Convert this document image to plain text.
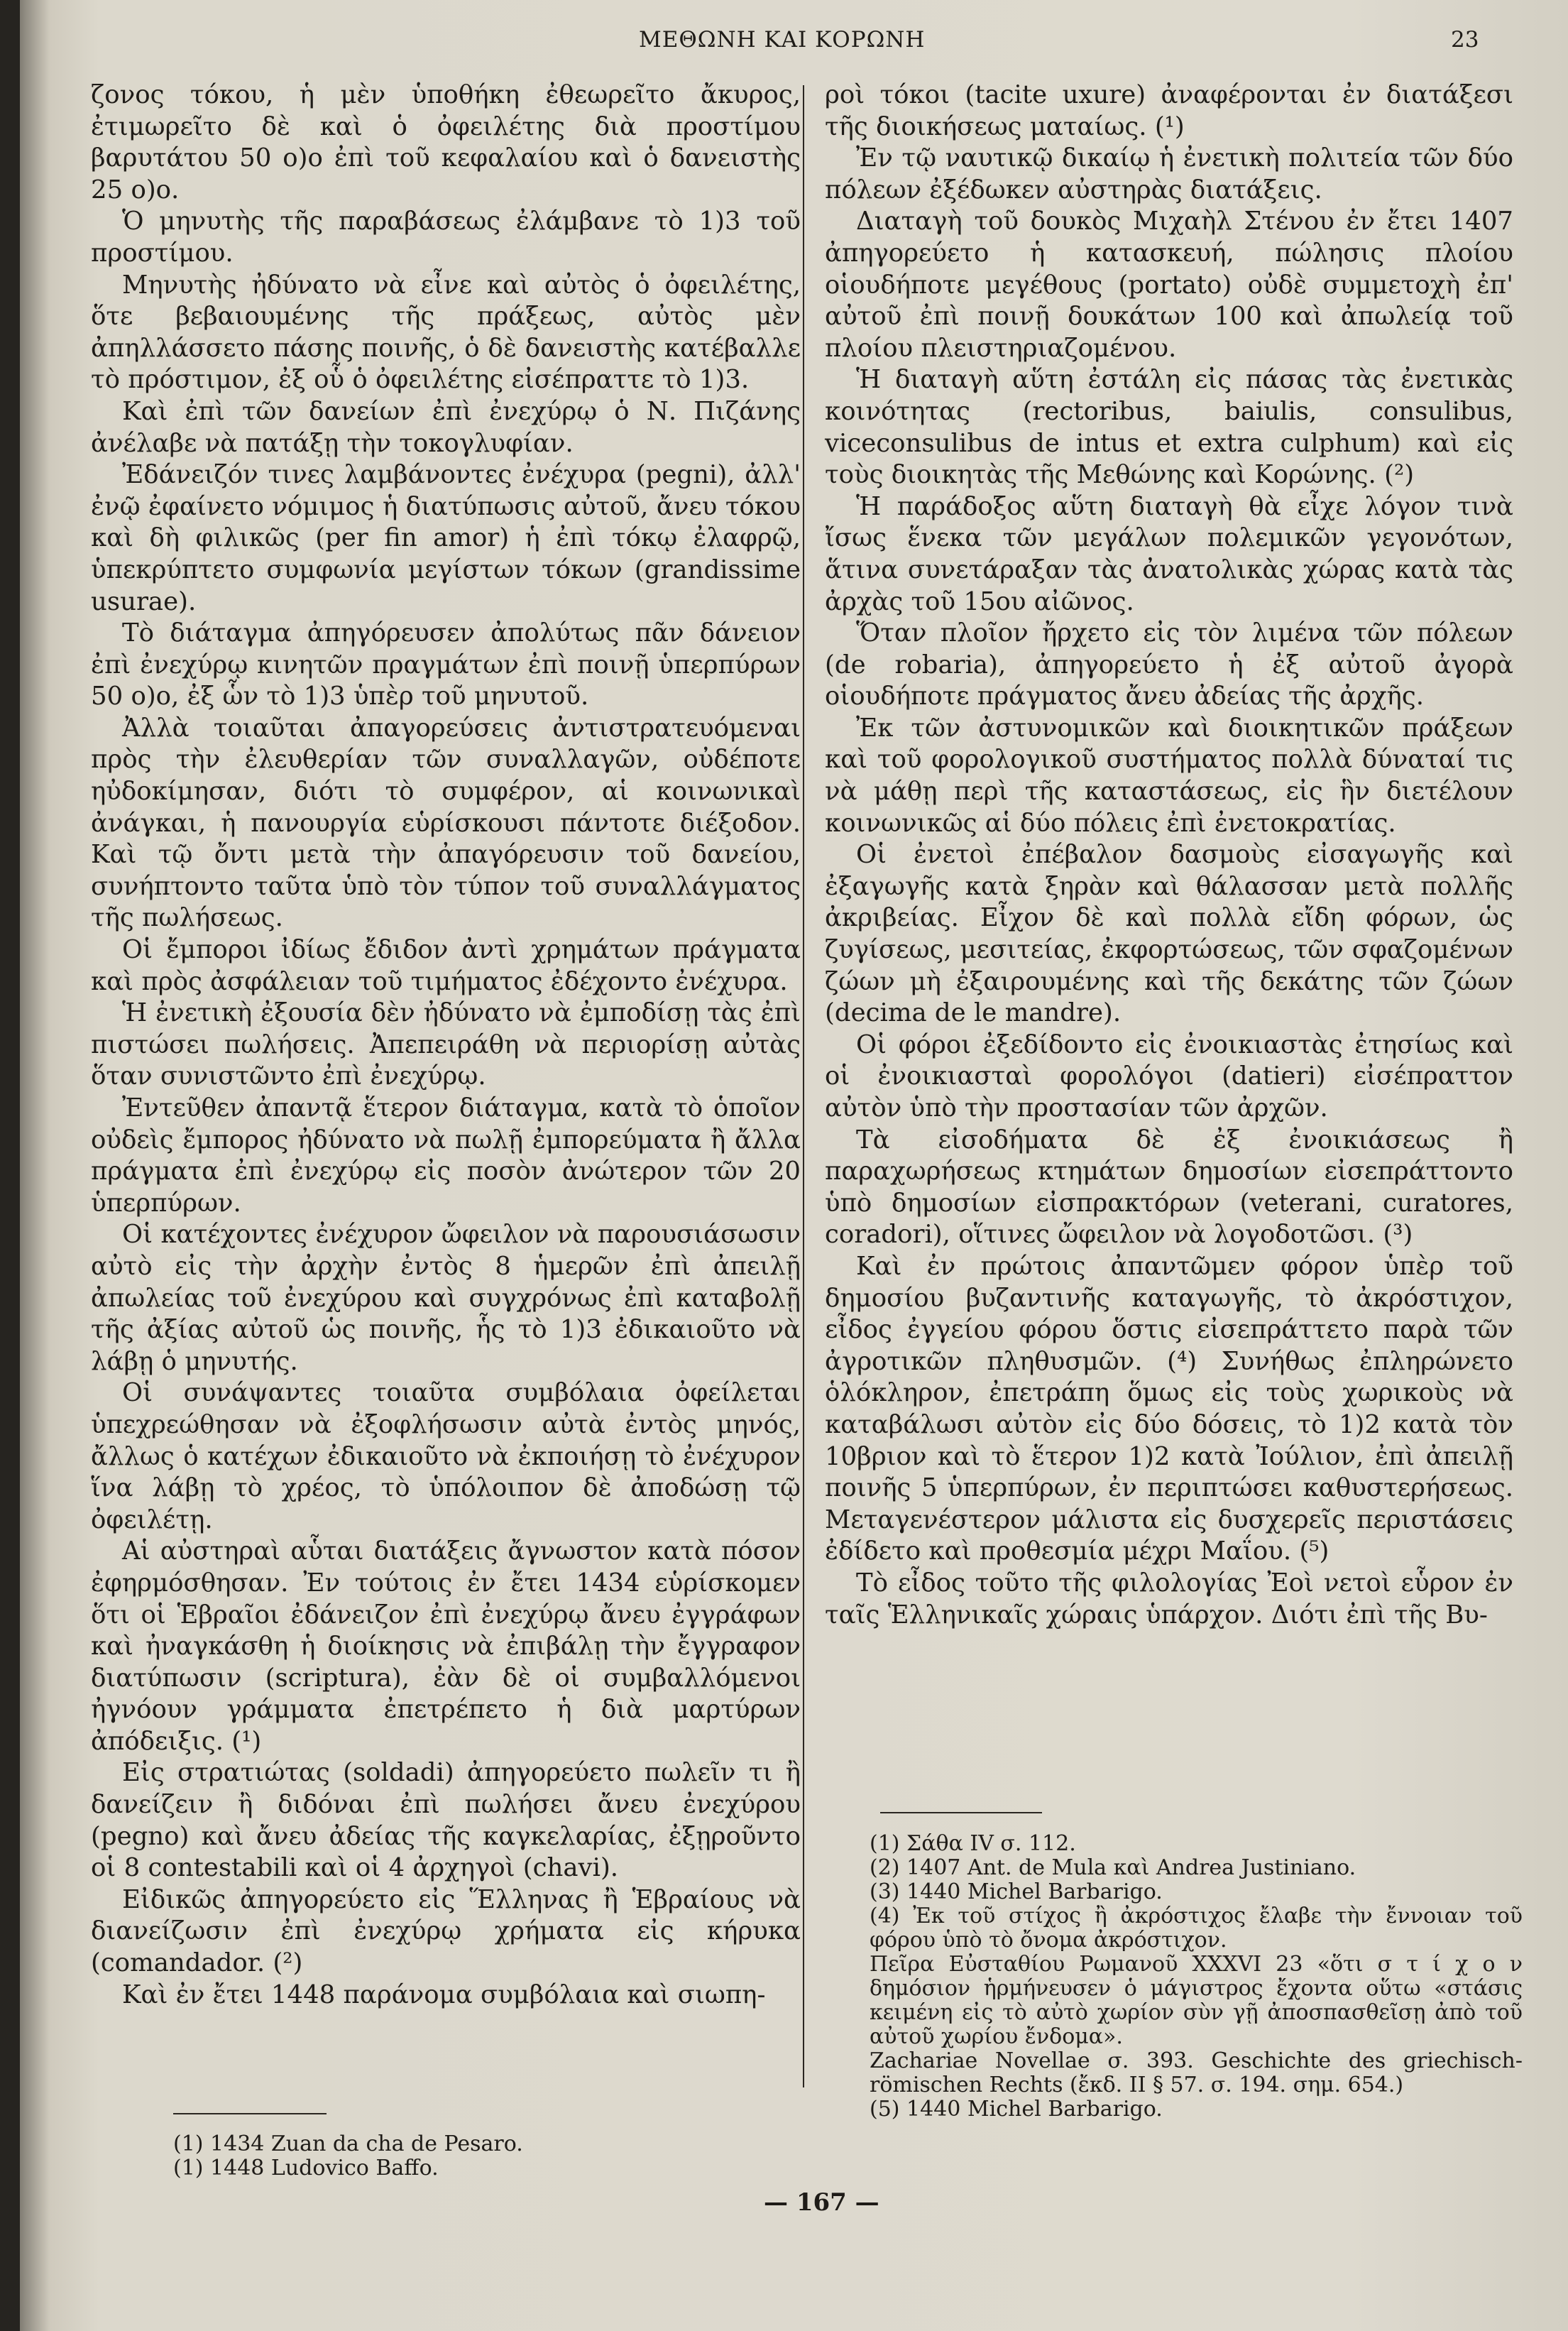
ΜΕΘΩΝΗ ΚΑΙ ΚΟΡΩΝΗ	23

ζονος τόκου, ἡ μὲν ὑποθήκη ἐθεωρεῖτο ἄκυρος, ἐτιμωρεῖτο δὲ καὶ ὁ ὀφειλέτης διὰ προστίμου βαρυτάτου 50 ο)ο ἐπὶ τοῦ κεφαλαίου καὶ ὁ δανειστὴς 25 ο)ο.

Ὁ μηνυτὴς τῆς παραβάσεως ἐλάμβανε τὸ 1)3 τοῦ προστίμου.

Μηνυτὴς ἠδύνατο νὰ εἶνε καὶ αὐτὸς ὁ ὀφειλέτης, ὅτε βεβαιουμένης τῆς πράξεως, αὐτὸς μὲν ἀπηλλάσσετο πάσης ποινῆς, ὁ δὲ δανειστὴς κατέβαλλε τὸ πρόστιμον, ἐξ οὗ ὁ ὀφειλέτης εἰσέπραττε τὸ 1)3.

Καὶ ἐπὶ τῶν δανείων ἐπὶ ἐνεχύρῳ ὁ Ν. Πιζάνης ἀνέλαβε νὰ πατάξῃ τὴν τοκογλυφίαν.

Ἐδάνειζόν τινες λαμβάνοντες ἐνέχυρα (pegni), ἀλλ' ἐνῷ ἐφαίνετο νόμιμος ἡ διατύπωσις αὐτοῦ, ἄνευ τόκου καὶ δὴ φιλικῶς (per fin amor) ἡ ἐπὶ τόκῳ ἐλαφρῷ, ὑπεκρύπτετο συμφωνία μεγίστων τόκων (grandissime usurae).

Τὸ διάταγμα ἀπηγόρευσεν ἀπολύτως πᾶν δάνειον ἐπὶ ἐνεχύρῳ κινητῶν πραγμάτων ἐπὶ ποινῇ ὑπερπύρων 50 ο)ο, ἐξ ὧν τὸ 1)3 ὑπὲρ τοῦ μηνυτοῦ.

Ἀλλὰ τοιαῦται ἀπαγορεύσεις ἀντιστρατευόμεναι πρὸς τὴν ἐλευθερίαν τῶν συναλλαγῶν, οὐδέποτε ηὐδοκίμησαν, διότι τὸ συμφέρον, αἱ κοινωνικαὶ ἀνάγκαι, ἡ πανουργία εὑρίσκουσι πάντοτε διέξοδον. Καὶ τῷ ὄντι μετὰ τὴν ἀπαγόρευσιν τοῦ δανείου, συνήπτοντο ταῦτα ὑπὸ τὸν τύπον τοῦ συναλλάγματος τῆς πωλήσεως.

Οἱ ἔμποροι ἰδίως ἔδιδον ἀντὶ χρημάτων πράγματα καὶ πρὸς ἀσφάλειαν τοῦ τιμήματος ἐδέχοντο ἐνέχυρα.

Ἡ ἐνετικὴ ἐξουσία δὲν ἠδύνατο νὰ ἐμποδίσῃ τὰς ἐπὶ πιστώσει πωλήσεις. Ἀπεπειράθη νὰ περιορίσῃ αὐτὰς ὅταν συνιστῶντο ἐπὶ ἐνεχύρῳ.

Ἐντεῦθεν ἀπαντᾷ ἕτερον διάταγμα, κατὰ τὸ ὁποῖον οὐδεὶς ἔμπορος ἠδύνατο νὰ πωλῇ ἐμπορεύματα ἢ ἄλλα πράγματα ἐπὶ ἐνεχύρῳ εἰς ποσὸν ἀνώτερον τῶν 20 ὑπερπύρων.

Οἱ κατέχοντες ἐνέχυρον ὤφειλον νὰ παρουσιάσωσιν αὐτὸ εἰς τὴν ἀρχὴν ἐντὸς 8 ἡμερῶν ἐπὶ ἀπειλῇ ἀπωλείας τοῦ ἐνεχύρου καὶ συγχρόνως ἐπὶ καταβολῇ τῆς ἀξίας αὐτοῦ ὡς ποινῆς, ἧς τὸ 1)3 ἐδικαιοῦτο νὰ λάβῃ ὁ μηνυτής.

Οἱ συνάψαντες τοιαῦτα συμβόλαια ὀφείλεται ὑπεχρεώθησαν νὰ ἐξοφλήσωσιν αὐτὰ ἐντὸς μηνός, ἄλλως ὁ κατέχων ἐδικαιοῦτο νὰ ἐκποιήσῃ τὸ ἐνέχυρον ἵνα λάβῃ τὸ χρέος, τὸ ὑπόλοιπον δὲ ἀποδώσῃ τῷ ὀφειλέτῃ.

Αἱ αὐστηραὶ αὗται διατάξεις ἄγνωστον κατὰ πόσον ἐφηρμόσθησαν. Ἐν τούτοις ἐν ἔτει 1434 εὑρίσκομεν ὅτι οἱ Ἑβραῖοι ἐδάνειζον ἐπὶ ἐνεχύρῳ ἄνευ ἐγγράφων καὶ ἠναγκάσθη ἡ διοίκησις νὰ ἐπιβάλῃ τὴν ἔγγραφον διατύπωσιν (scriptura), ἐὰν δὲ οἱ συμβαλλόμενοι ἠγνόουν γράμματα ἐπετρέπετο ἡ διὰ μαρτύρων ἀπόδειξις. (¹)

Εἰς στρατιώτας (soldadi) ἀπηγορεύετο πωλεῖν τι ἢ δανείζειν ἢ διδόναι ἐπὶ πωλήσει ἄνευ ἐνεχύρου (pegno) καὶ ἄνευ ἀδείας τῆς καγκελαρίας, ἐξῃροῦντο οἱ 8 contestabili καὶ οἱ 4 ἀρχηγοὶ (chavi).

Εἰδικῶς ἀπηγορεύετο εἰς Ἕλληνας ἢ Ἑβραίους νὰ διανείζωσιν ἐπὶ ἐνεχύρῳ χρήματα εἰς κήρυκα (comandador. (²)

Καὶ ἐν ἔτει 1448 παράνομα συμβόλαια καὶ σιωπη-

ροὶ τόκοι (tacite uxure) ἀναφέρονται ἐν διατάξεσι τῆς διοικήσεως ματαίως. (¹)

Ἐν τῷ ναυτικῷ δικαίῳ ἡ ἐνετικὴ πολιτεία τῶν δύο πόλεων ἐξέδωκεν αὐστηρὰς διατάξεις.

Διαταγὴ τοῦ δουκὸς Μιχαὴλ Στένου ἐν ἔτει 1407 ἀπηγορεύετο ἡ κατασκευή, πώλησις πλοίου οἱουδήποτε μεγέθους (portato) οὐδὲ συμμετοχὴ ἐπ' αὐτοῦ ἐπὶ ποινῇ δουκάτων 100 καὶ ἀπωλείᾳ τοῦ πλοίου πλειστηριαζομένου.

Ἡ διαταγὴ αὕτη ἐστάλη εἰς πάσας τὰς ἐνετικὰς κοινότητας (rectoribus, baiulis, consulibus, viceconsulibus de intus et extra culphum) καὶ εἰς τοὺς διοικητὰς τῆς Μεθώνης καὶ Κορώνης. (²)

Ἡ παράδοξος αὕτη διαταγὴ θὰ εἶχε λόγον τινὰ ἴσως ἕνεκα τῶν μεγάλων πολεμικῶν γεγονότων, ἅτινα συνετάραξαν τὰς ἀνατολικὰς χώρας κατὰ τὰς ἀρχὰς τοῦ 15ου αἰῶνος.

Ὅταν πλοῖον ἤρχετο εἰς τὸν λιμένα τῶν πόλεων (de robaria), ἀπηγορεύετο ἡ ἐξ αὐτοῦ ἀγορὰ οἱουδήποτε πράγματος ἄνευ ἀδείας τῆς ἀρχῆς.

Ἐκ τῶν ἀστυνομικῶν καὶ διοικητικῶν πράξεων καὶ τοῦ φορολογικοῦ συστήματος πολλὰ δύναταί τις νὰ μάθῃ περὶ τῆς καταστάσεως, εἰς ἣν διετέλουν κοινωνικῶς αἱ δύο πόλεις ἐπὶ ἐνετοκρατίας.

Οἱ ἐνετοὶ ἐπέβαλον δασμοὺς εἰσαγωγῆς καὶ ἐξαγωγῆς κατὰ ξηρὰν καὶ θάλασσαν μετὰ πολλῆς ἀκριβείας. Εἶχον δὲ καὶ πολλὰ εἴδη φόρων, ὡς ζυγίσεως, μεσιτείας, ἐκφορτώσεως, τῶν σφαζομένων ζώων μὴ ἐξαιρουμένης καὶ τῆς δεκάτης τῶν ζώων (decima de le mandre).

Οἱ φόροι ἐξεδίδοντο εἰς ἐνοικιαστὰς ἐτησίως καὶ οἱ ἐνοικιασταὶ φορολόγοι (datieri) εἰσέπραττον αὐτὸν ὑπὸ τὴν προστασίαν τῶν ἀρχῶν.

Τὰ εἰσοδήματα δὲ ἐξ ἐνοικιάσεως ἢ παραχωρήσεως κτημάτων δημοσίων εἰσεπράττοντο ὑπὸ δημοσίων εἰσπρακτόρων (veterani, curatores, coradori), οἵτινες ὤφειλον νὰ λογοδοτῶσι. (³)

Καὶ ἐν πρώτοις ἀπαντῶμεν φόρον ὑπὲρ τοῦ δημοσίου βυζαντινῆς καταγωγῆς, τὸ ἀκρόστιχον, εἶδος ἐγγείου φόρου ὅστις εἰσεπράττετο παρὰ τῶν ἀγροτικῶν πληθυσμῶν. (⁴) Συνήθως ἐπληρώνετο ὁλόκληρον, ἐπετράπη ὅμως εἰς τοὺς χωρικοὺς νὰ καταβάλωσι αὐτὸν εἰς δύο δόσεις, τὸ 1)2 κατὰ τὸν 10βριον καὶ τὸ ἕτερον 1)2 κατὰ Ἰούλιον, ἐπὶ ἀπειλῇ ποινῆς 5 ὑπερπύρων, ἐν περιπτώσει καθυστερήσεως. Μεταγενέστερον μάλιστα εἰς δυσχερεῖς περιστάσεις ἐδίδετο καὶ προθεσμία μέχρι Μαΐου. (⁵)

Τὸ εἶδος τοῦτο τῆς φιλολογίας Ἐοὶ νετοὶ εὗρον ἐν ταῖς Ἑλληνικαῖς χώραις ὑπάρχον. Διότι ἐπὶ τῆς Βυ-

(1) Σάθα IV σ. 112.

(2) 1407 Ant. de Mula καὶ Andrea Justiniano.

(3) 1440 Michel Barbarigo.

(4) Ἐκ τοῦ στίχος ἢ ἀκρόστιχος ἔλαβε τὴν ἔννοιαν τοῦ φόρου ὑπὸ τὸ ὄνομα ἀκρόστιχον.

Πεῖρα Εὐσταθίου Ρωμανοῦ XXXVI 23 «ὅτι σ τ ί χ ο ν δημόσιον ἡρμήνευσεν ὁ μάγιστρος ἔχοντα οὕτω «στάσις κειμένη εἰς τὸ αὐτὸ χωρίον σὺν γῇ ἀποσπασθεῖσῃ ἀπὸ τοῦ αὐτοῦ χωρίου ἔνδομα».

Zachariae Novellae σ. 393. Geschichte des griechisch-römischen Rechts (ἔκδ. II § 57. σ. 194. σημ. 654.)

(5) 1440 Michel Barbarigo.

(1) 1434 Zuan da cha de Pesaro.

(1) 1448 Ludovico Baffo.

— 167 —
